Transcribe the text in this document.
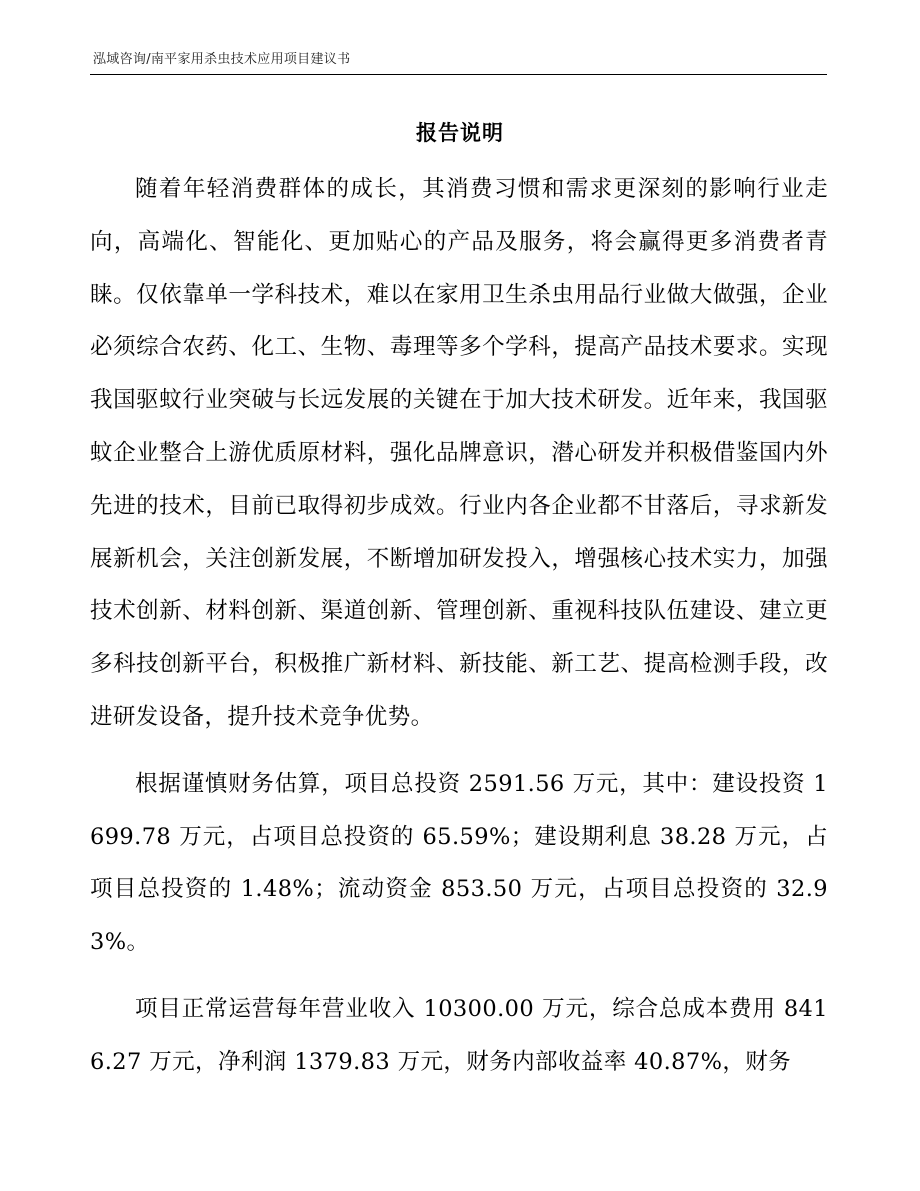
泓域咨询/南平家用杀虫技术应用项目建议书
报告说明

随着年轻消费群体的成长，其消费习惯和需求更深刻的影响行业走向，高端化、智能化、更加贴心的产品及服务，将会赢得更多消费者青睐。仅依靠单一学科技术，难以在家用卫生杀虫用品行业做大做强，企业必须综合农药、化工、生物、毒理等多个学科，提高产品技术要求。实现我国驱蚊行业突破与长远发展的关键在于加大技术研发。近年来，我国驱蚊企业整合上游优质原材料，强化品牌意识，潜心研发并积极借鉴国内外先进的技术，目前已取得初步成效。行业内各企业都不甘落后，寻求新发展新机会，关注创新发展，不断增加研发投入，增强核心技术实力，加强技术创新、材料创新、渠道创新、管理创新、重视科技队伍建设、建立更多科技创新平台，积极推广新材料、新技能、新工艺、提高检测手段，改进研发设备，提升技术竞争优势。

根据谨慎财务估算，项目总投资 2591.56 万元，其中：建设投资 1699.78 万元，占项目总投资的 65.59%；建设期利息 38.28 万元，占项目总投资的 1.48%；流动资金 853.50 万元，占项目总投资的 32.93%。

项目正常运营每年营业收入 10300.00 万元，综合总成本费用 8416.27 万元，净利润 1379.83 万元，财务内部收益率 40.87%，财务
